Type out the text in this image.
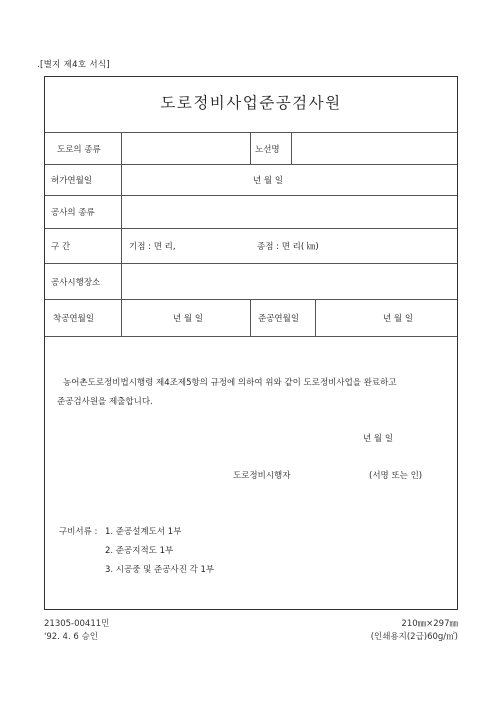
.[별지 제4호 서식]
도로정비사업준공검사원
도로의 종류	노선명
허가연월일	년 월 일
공사의 종류
구 간	기점 : 면 리,	종점 : 면 리( ㎞)
공사시행장소
착공연월일	년 월 일	준공연월일	년 월 일
농어촌도로정비법시행령 제4조제5항의 규정에 의하여 위와 같이 도로정비사업을 완료하고
준공검사원을 제출합니다.
년 월 일
도로정비시행자	(서명 또는 인)
구비서류 : 1. 준공설계도서 1부
2. 준공지적도 1부
3. 시공중 및 준공사진 각 1부
21305-00411민
'92. 4. 6 승인
210㎜×297㎜
(인쇄용지(2급)60g/㎡)
